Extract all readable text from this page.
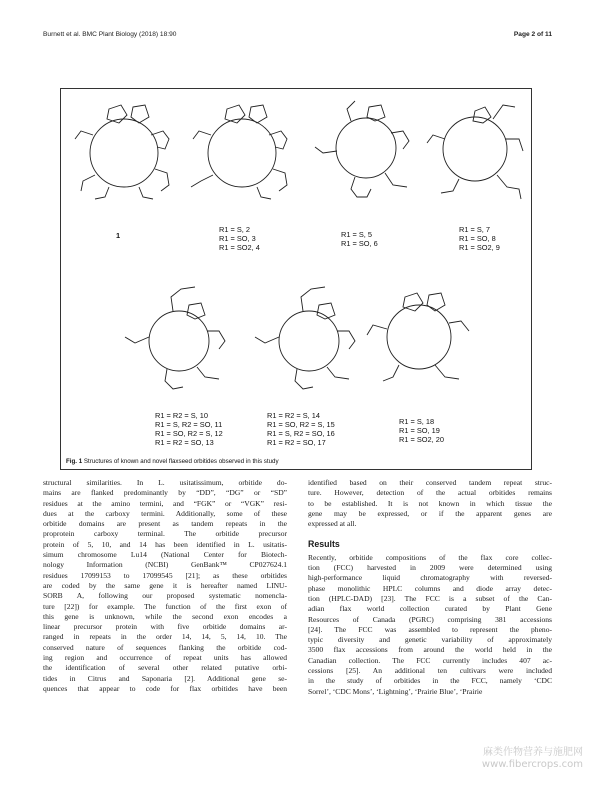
Burnett et al. BMC Plant Biology (2018) 18:90	Page 2 of 11
1
R1 = S, 2
R1 = SO, 3
R1 = SO2, 4
R1 = S, 5
R1 = SO, 6
R1 = S, 7
R1 = SO, 8
R1 = SO2, 9
R1 = R2 = S, 10
R1 = S, R2 = SO, 11
R1 = SO, R2 = S, 12
R1 = R2 = SO, 13
R1 = R2 = S, 14
R1 = SO, R2 = S, 15
R1 = S, R2 = SO, 16
R1 = R2 = SO, 17
R1 = S, 18
R1 = SO, 19
R1 = SO2, 20
Fig. 1 Structures of known and novel flaxseed orbitides observed in this study
structural similarities. In L. usitatissimum, orbitide do-
mains are flanked predominantly by “DD”, “DG” or “SD”
residues at the amino termini, and “FGK” or “VGK” resi-
dues at the carboxy termini. Additionally, some of these
orbitide domains are present as tandem repeats in the
proprotein carboxy terminal. The orbitide precursor
protein of 5, 10, and 14 has been identified in L. usitatis-
simum chromosome Lu14 (National Center for Biotech-
nology Information (NCBI) GenBank™ CP027624.1
residues 17099153 to 17099545 [21]; as these orbitides
are coded by the same gene it is hereafter named LINU-
SORB A, following our proposed systematic nomencla-
ture [22]) for example. The function of the first exon of
this gene is unknown, while the second exon encodes a
linear precursor protein with five orbitide domains ar-
ranged in repeats in the order 14, 14, 5, 14, 10. The
conserved nature of sequences flanking the orbitide cod-
ing region and occurrence of repeat units has allowed
the identification of several other related putative orbi-
tides in Citrus and Saponaria [2]. Additional gene se-
quences that appear to code for flax orbitides have been
identified based on their conserved tandem repeat struc-
ture. However, detection of the actual orbitides remains
to be established. It is not known in which tissue the
gene may be expressed, or if the apparent genes are
expressed at all.
Results
Recently, orbitide compositions of the flax core collec-
tion (FCC) harvested in 2009 were determined using
high-performance liquid chromatography with reversed-
phase monolithic HPLC columns and diode array detec-
tion (HPLC-DAD) [23]. The FCC is a subset of the Can-
adian flax world collection curated by Plant Gene
Resources of Canada (PGRC) comprising 381 accessions
[24]. The FCC was assembled to represent the pheno-
typic diversity and genetic variability of approximately
3500 flax accessions from around the world held in the
Canadian collection. The FCC currently includes 407 ac-
cessions [25]. An additional ten cultivars were included
in the study of orbitides in the FCC, namely ‘CDC
Sorrel’, ‘CDC Mons’, ‘Lightning’, ‘Prairie Blue’, ‘Prairie
麻类作物营养与施肥网
www.fibercrops.com
